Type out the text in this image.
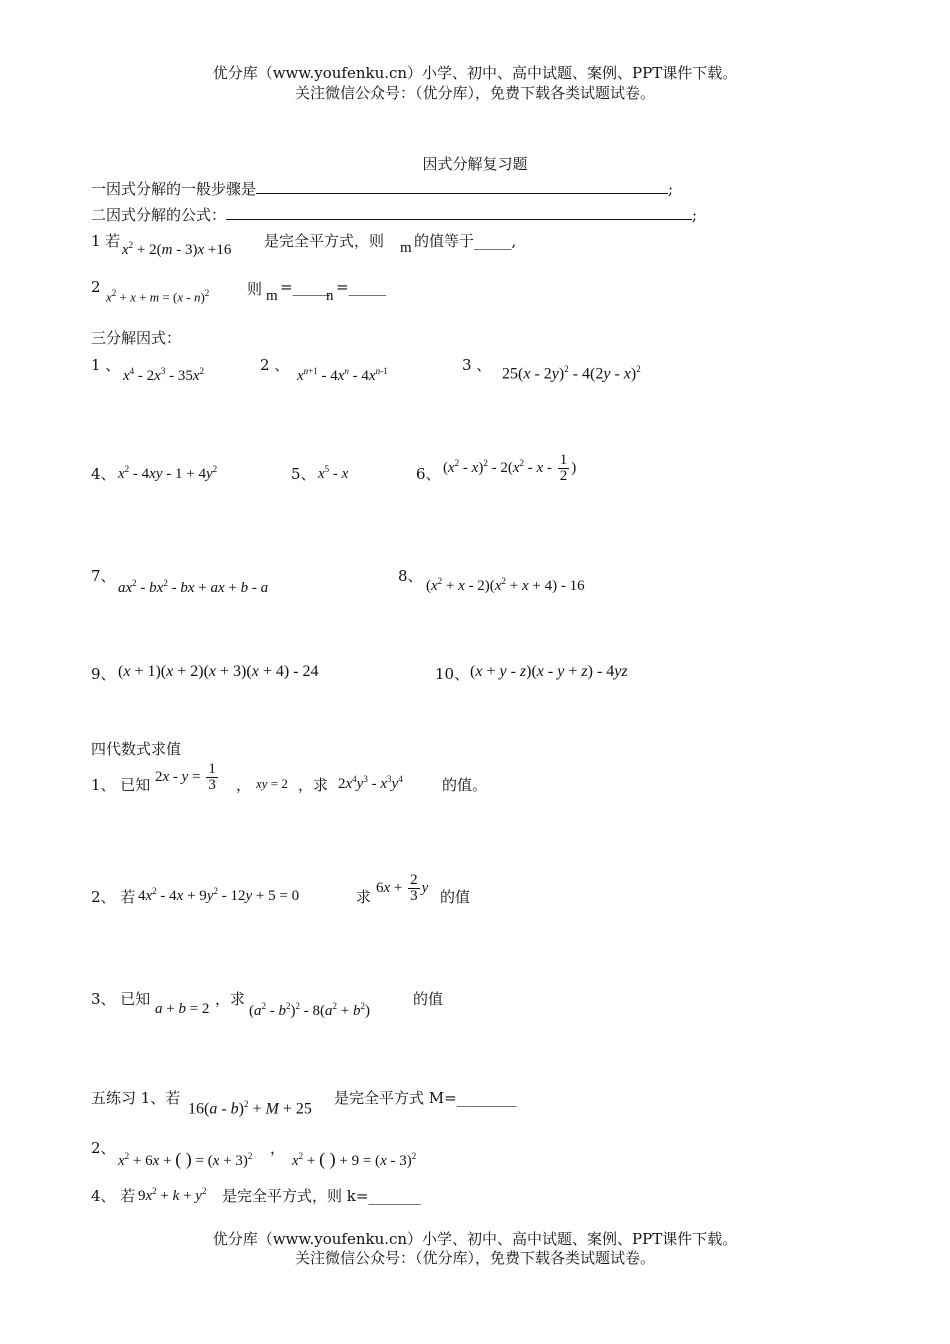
优分库（www.youfenku.cn）小学、初中、高中试题、案例、PPT课件下载。
关注微信公众号：（优分库），免费下载各类试题试卷。
因式分解复习题
一因式分解的一般步骤是	;
二因式分解的公式：	;
1 若 $x^2 + 2(m - 3)x +16$ 是完全平方式，则 m 的值等于_____,
2
$x^2 + x + m = (x - n)^2$	则 m =_____
n =_____
三分解因式：
1 、
$x^4 - 2x^3 - 35x^2$	2 、
$x^{n+1} - 4x^n - 4x^{n-1}$	3 、 25(x - 2y)$^2$ - 4(2y - x)$^2$
4、 $x^2 - 4xy - 1 + 4y^2$	5、 $x^5$ - x	6、 $(x^2 - x)^2 - 2(x^2$ - x - $\frac{1}{2}$ )
7、
$ax^2 - bx^2$ - bx + ax + b - a
8、
$(x^2 + x - 2)(x^2 + x + 4) - 16$
9、 (x + 1)(x + 2)(x + 3)(x + 4) - 24	10、 (x + y - z)(x - y + z) - 4yz
四代数式求值
1、 已知 $2x - y = \frac{1}{3}$ ， xy = 2 ，求 $2x^4y^3 - x^3y^4$	的值。
2、 若 $4x^2 - 4x + 9y^2 - 12y + 5 = 0$	求
$6x + \frac{2}{3}$ y
的值
3、 已知
a + b = 2
，求
$(a^2 - b^2)^2 - 8(a^2 + b^2)$
的值
五练习 1、若
16(a - b)$^2$ + M + 25
是完全平方式 M=________
2、
$x^2 + 6x$ + ( ) = $(x + 3)^2$ ，
$x^2$ + ( ) + 9 = (x - 3)$^2$
4、 若 $9x^2 + k + y^2$ 是完全平方式，则 k=_______
优分库（www.youfenku.cn）小学、初中、高中试题、案例、PPT课件下载。
关注微信公众号：（优分库），免费下载各类试题试卷。
